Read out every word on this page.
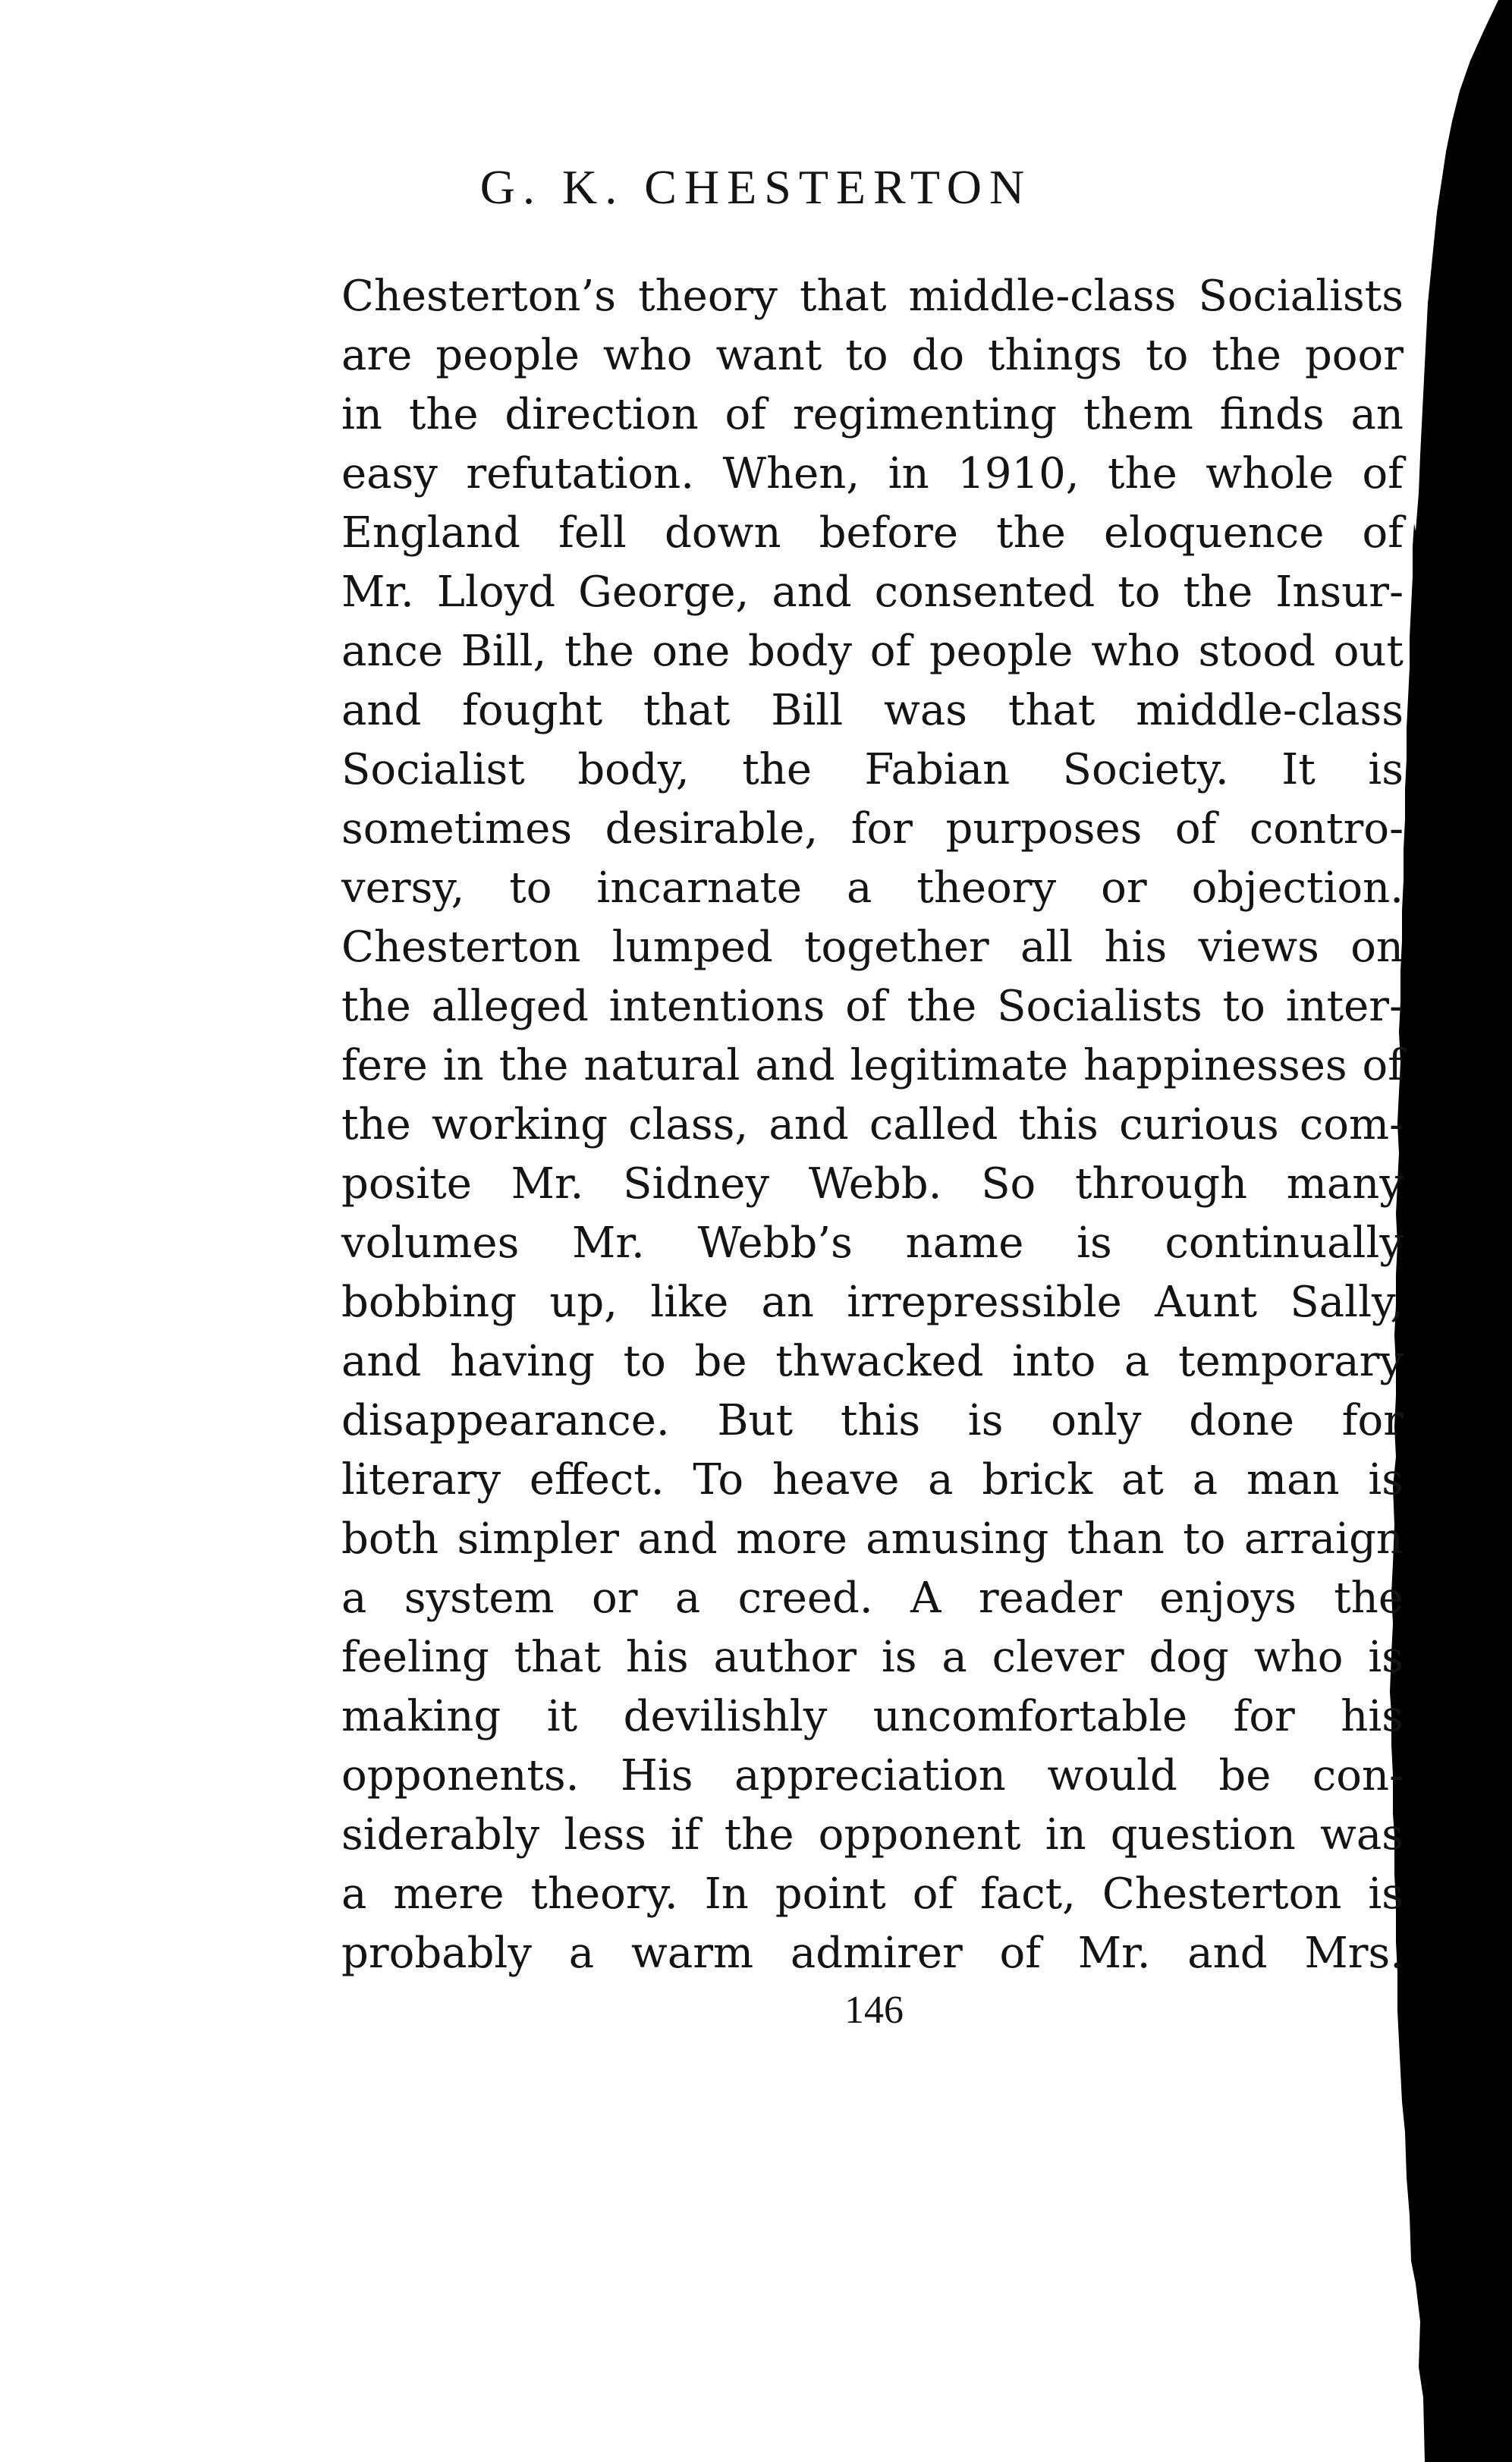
G. K. CHESTERTON
Chesterton’s theory that middle-class Socialists
are people who want to do things to the poor
in the direction of regimenting them finds an
easy refutation. When, in 1910, the whole of
England fell down before the eloquence of
Mr. Lloyd George, and consented to the Insur-
ance Bill, the one body of people who stood out
and fought that Bill was that middle-class
Socialist body, the Fabian Society. It is
sometimes desirable, for purposes of contro-
versy, to incarnate a theory or objection.
Chesterton lumped together all his views on
the alleged intentions of the Socialists to inter-
fere in the natural and legitimate happinesses of
the working class, and called this curious com-
posite Mr. Sidney Webb. So through many
volumes Mr. Webb’s name is continually
bobbing up, like an irrepressible Aunt Sally,
and having to be thwacked into a temporary
disappearance. But this is only done for
literary effect. To heave a brick at a man is
both simpler and more amusing than to arraign
a system or a creed. A reader enjoys the
feeling that his author is a clever dog who is
making it devilishly uncomfortable for his
opponents. His appreciation would be con-
siderably less if the opponent in question was
a mere theory. In point of fact, Chesterton is
probably a warm admirer of Mr. and Mrs.

146
